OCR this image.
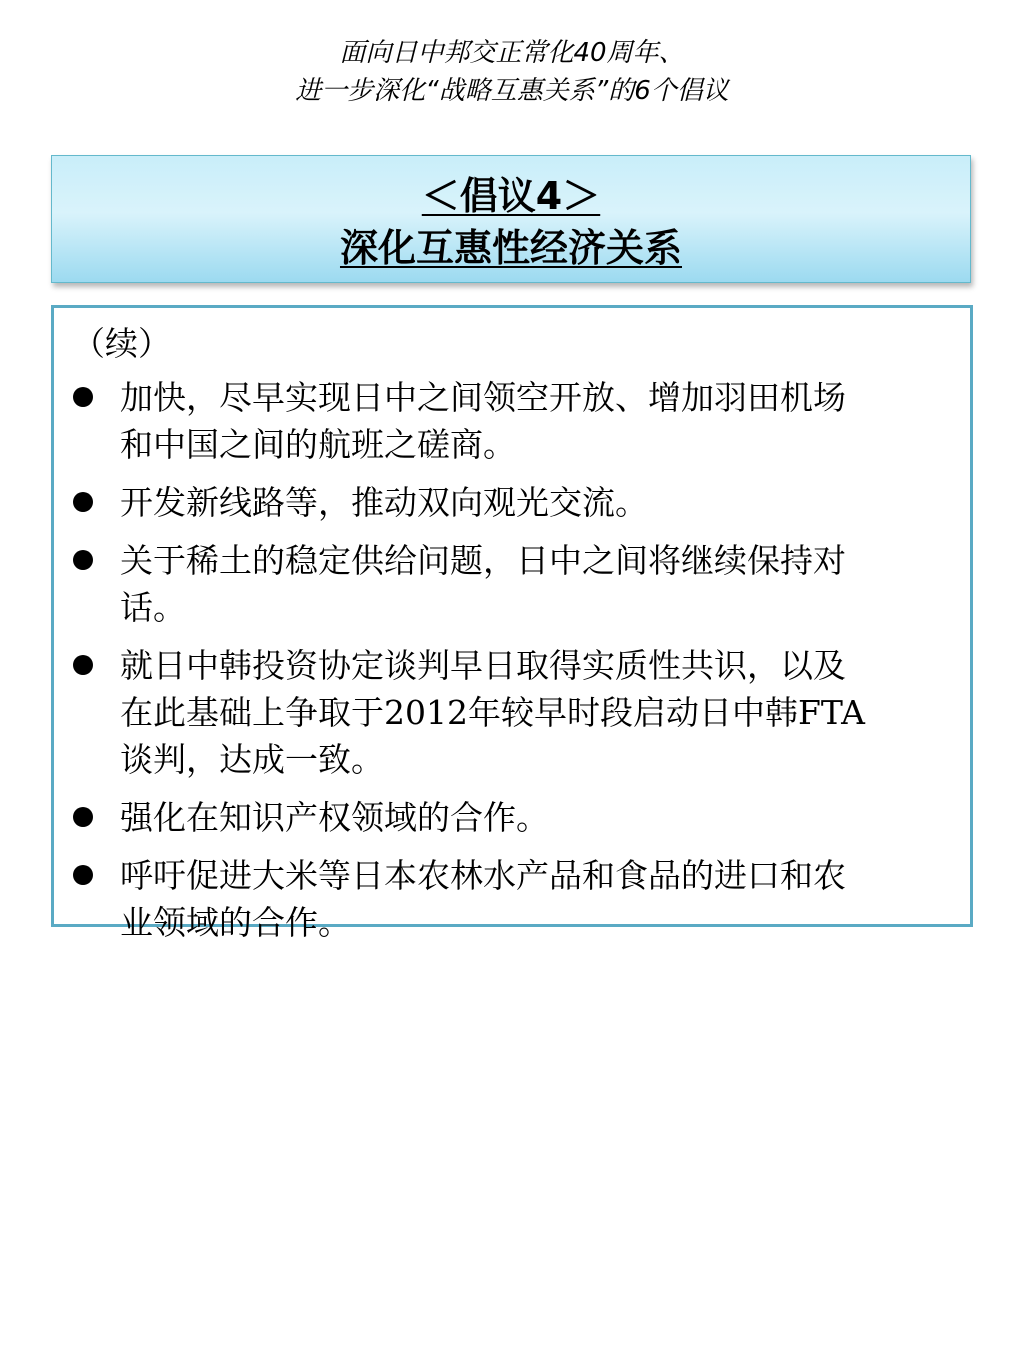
面向日中邦交正常化40周年、
进一步深化“战略互惠关系”的6个倡议
＜倡议4＞
深化互惠性经济关系
（续）
加快，尽早实现日中之间领空开放、增加羽田机场
和中国之间的航班之磋商。
开发新线路等，推动双向观光交流。
关于稀土的稳定供给问题，日中之间将继续保持对
话。
就日中韩投资协定谈判早日取得实质性共识，以及
在此基础上争取于2012年较早时段启动日中韩FTA
谈判，达成一致。
强化在知识产权领域的合作。
呼吁促进大米等日本农林水产品和食品的进口和农
业领域的合作。
